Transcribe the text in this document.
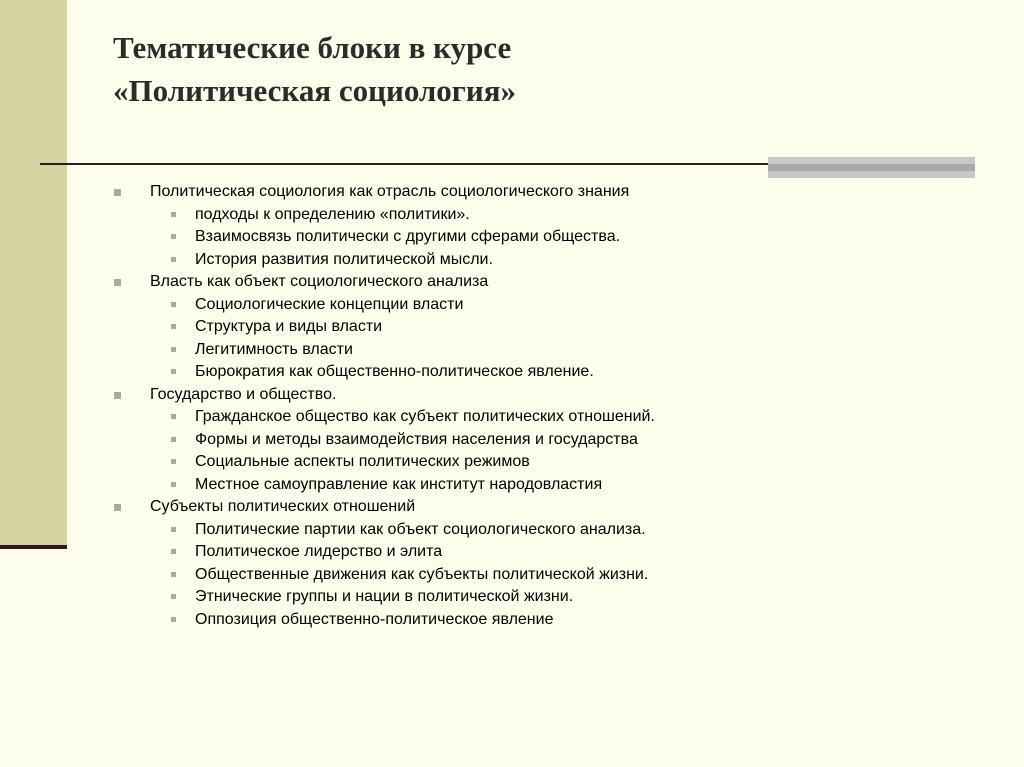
Тематические блоки в курсе
«Политическая социология»
Политическая социология как отрасль социологического знания
подходы к определению «политики».
Взаимосвязь политически с другими сферами общества.
История развития политической мысли.
Власть как объект социологического анализа
Социологические концепции власти
Структура и виды власти
Легитимность власти
Бюрократия как общественно-политическое явление.
Государство и общество.
Гражданское общество как субъект политических отношений.
Формы и методы взаимодействия населения и государства
Социальные аспекты политических режимов
Местное самоуправление как институт народовластия
Субъекты политических отношений
Политические партии как объект социологического анализа.
Политическое лидерство и элита
Общественные движения как субъекты политической жизни.
Этнические группы и нации в политической жизни.
Оппозиция общественно-политическое явление
